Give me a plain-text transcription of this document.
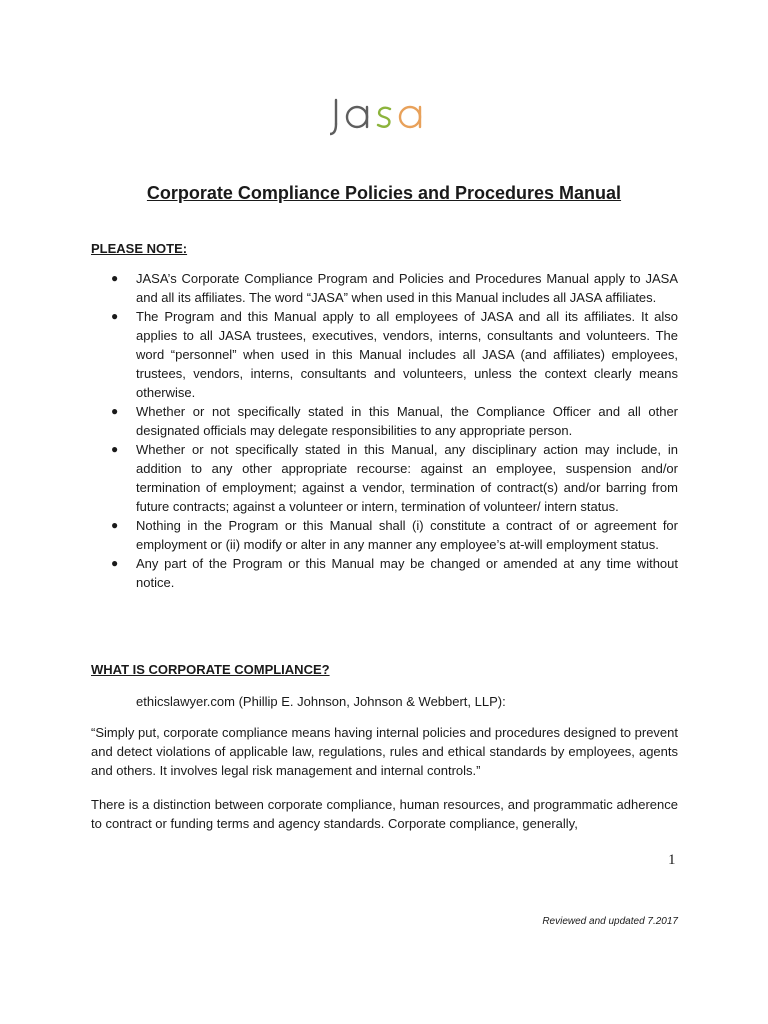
Corporate Compliance Policies and Procedures Manual
PLEASE NOTE:
● JASA’s Corporate Compliance Program and Policies and Procedures Manual apply to JASA and all its affiliates. The word “JASA” when used in this Manual includes all JASA affiliates.
● The Program and this Manual apply to all employees of JASA and all its affiliates. It also applies to all JASA trustees, executives, vendors, interns, consultants and volunteers. The word “personnel” when used in this Manual includes all JASA (and affiliates) employees, trustees, vendors, interns, consultants and volunteers, unless the context clearly means otherwise.
● Whether or not specifically stated in this Manual, the Compliance Officer and all other designated officials may delegate responsibilities to any appropriate person.
● Whether or not specifically stated in this Manual, any disciplinary action may include, in addition to any other appropriate recourse: against an employee, suspension and/or termination of employment; against a vendor, termination of contract(s) and/or barring from future contracts; against a volunteer or intern, termination of volunteer/ intern status.
● Nothing in the Program or this Manual shall (i) constitute a contract of or agreement for employment or (ii) modify or alter in any manner any employee’s at-will employment status.
● Any part of the Program or this Manual may be changed or amended at any time without notice.
WHAT IS CORPORATE COMPLIANCE?
ethicslawyer.com (Phillip E. Johnson, Johnson & Webbert, LLP):
“Simply put, corporate compliance means having internal policies and procedures designed to prevent and detect violations of applicable law, regulations, rules and ethical standards by employees, agents and others. It involves legal risk management and internal controls.”
There is a distinction between corporate compliance, human resources, and programmatic adherence to contract or funding terms and agency standards. Corporate compliance, generally,
1
Reviewed and updated 7.2017
